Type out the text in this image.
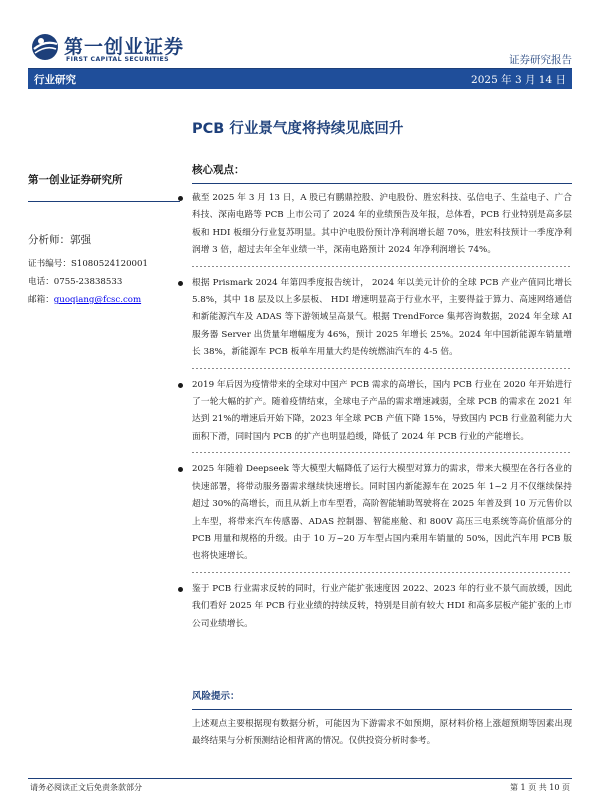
第一创业证券
FIRST CAPITAL SECURITIES	证券研究报告
行业研究	2025 年 3 月 14 日
PCB 行业景气度将持续见底回升
第一创业证券研究所
分析师：郭强
证书编号：S1080524120001
电话：0755-23838533
邮箱：guoqiang@fcsc.com
核心观点：
截至 2025 年 3 月 13 日，A 股已有鹏鼎控股、沪电股份、胜宏科技、弘信电子、生益电子、广合科技、深南电路等 PCB 上市公司了 2024 年的业绩预告及年报，总体看，PCB 行业特别是高多层板和 HDI 板细分行业复苏明显。其中沪电股份预计净利润增长超 70%，胜宏科技预计一季度净利润增 3 倍，超过去年全年业绩一半，深南电路预计 2024 年净利润增长 74%。
根据 Prismark 2024 年第四季度报告统计， 2024 年以美元计价的全球 PCB 产业产值同比增长 5.8%，其中 18 层及以上多层板、 HDI 增速明显高于行业水平，主要得益于算力、高速网络通信和新能源汽车及 ADAS 等下游领域呈高景气。根据 TrendForce 集邦咨询数据，2024 年全球 AI 服务器 Server 出货量年增幅度为 46%，预计 2025 年增长 25%。2024 年中国新能源车销量增长 38%，新能源车 PCB 板单车用量大约是传统燃油汽车的 4-5 倍。
2019 年后因为疫情带来的全球对中国产 PCB 需求的高增长，国内 PCB 行业在 2020 年开始进行了一轮大幅的扩产。随着疫情结束，全球电子产品的需求增速减弱，全球 PCB 的需求在 2021 年达到 21%的增速后开始下降，2023 年全球 PCB 产值下降 15%，导致国内 PCB 行业盈利能力大面积下滑，同时国内 PCB 的扩产也明显趋缓，降低了 2024 年 PCB 行业的产能增长。
2025 年随着 Deepseek 等大模型大幅降低了运行大模型对算力的需求，带来大模型在各行各业的快速部署，将带动服务器需求继续快速增长。同时国内新能源车在 2025 年 1~2 月不仅继续保持超过 30%的高增长，而且从新上市车型看，高阶智能辅助驾驶将在 2025 年普及到 10 万元售价以上车型，将带来汽车传感器、ADAS 控制器、智能座舱、和 800V 高压三电系统等高价值部分的 PCB 用量和规格的升级。由于 10 万~20 万车型占国内乘用车销量的 50%，因此汽车用 PCB 版也将快速增长。
鉴于 PCB 行业需求反转的同时，行业产能扩张速度因 2022、2023 年的行业不景气而放缓，因此我们看好 2025 年 PCB 行业业绩的持续反转，特别是目前有较大 HDI 和高多层板产能扩张的上市公司业绩增长。
风险提示：
上述观点主要根据现有数据分析，可能因为下游需求不如预期，原材料价格上涨超预期等因素出现最终结果与分析预测结论相背离的情况。仅供投资分析时参考。
请务必阅读正文后免责条款部分	第 1 页 共 10 页
